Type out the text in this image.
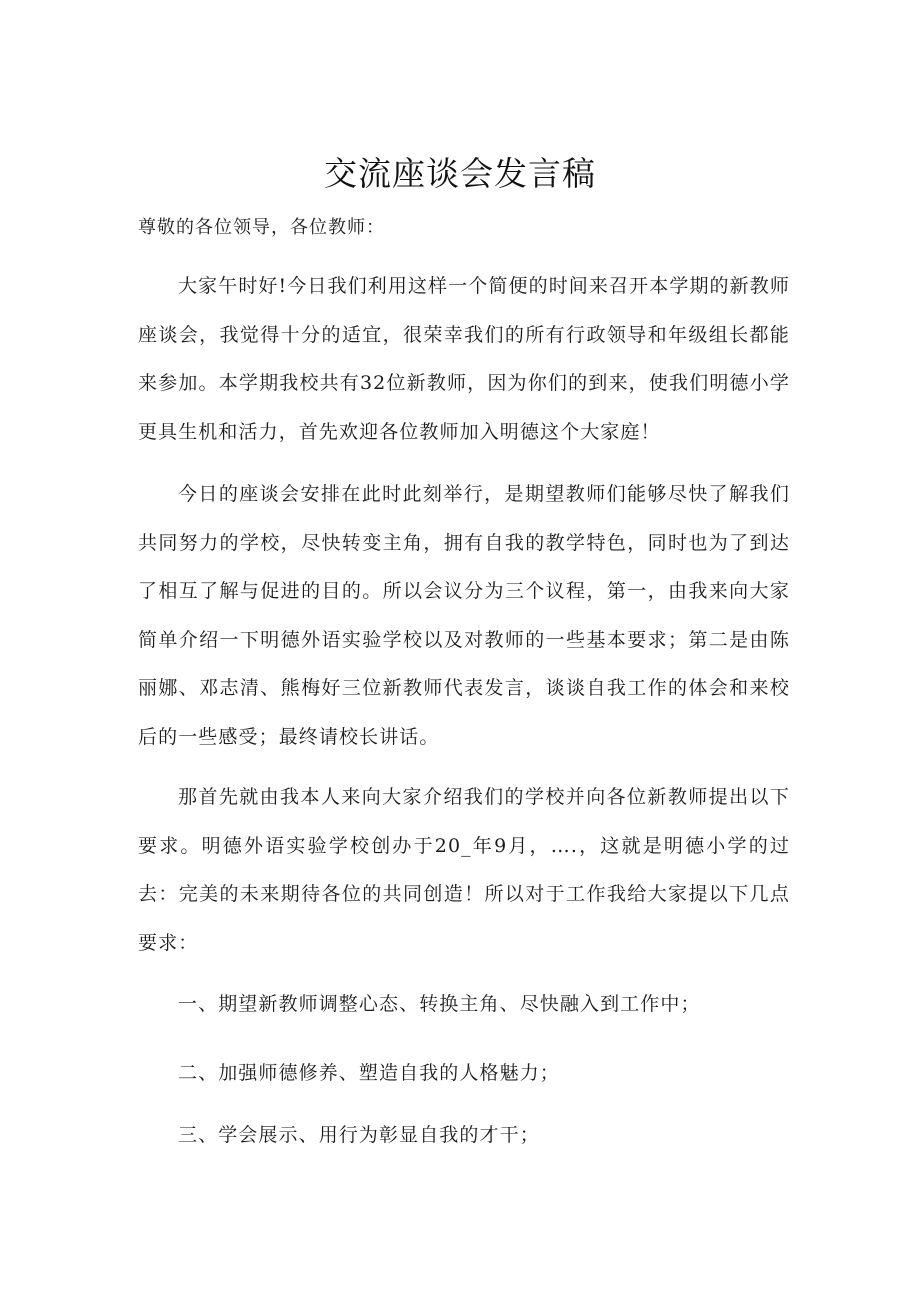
交流座谈会发言稿
尊敬的各位领导，各位教师：

大家午时好!今日我们利用这样一个简便的时间来召开本学期的新教师座谈会，我觉得十分的适宜，很荣幸我们的所有行政领导和年级组长都能来参加。本学期我校共有32位新教师，因为你们的到来，使我们明德小学更具生机和活力，首先欢迎各位教师加入明德这个大家庭！

今日的座谈会安排在此时此刻举行，是期望教师们能够尽快了解我们共同努力的学校，尽快转变主角，拥有自我的教学特色，同时也为了到达了相互了解与促进的目的。所以会议分为三个议程，第一，由我来向大家简单介绍一下明德外语实验学校以及对教师的一些基本要求；第二是由陈丽娜、邓志清、熊梅好三位新教师代表发言，谈谈自我工作的体会和来校后的一些感受；最终请校长讲话。

那首先就由我本人来向大家介绍我们的学校并向各位新教师提出以下要求。明德外语实验学校创办于20_年9月，….，这就是明德小学的过去：完美的未来期待各位的共同创造！所以对于工作我给大家提以下几点要求：

一、期望新教师调整心态、转换主角、尽快融入到工作中；
二、加强师德修养、塑造自我的人格魅力；
三、学会展示、用行为彰显自我的才干；
